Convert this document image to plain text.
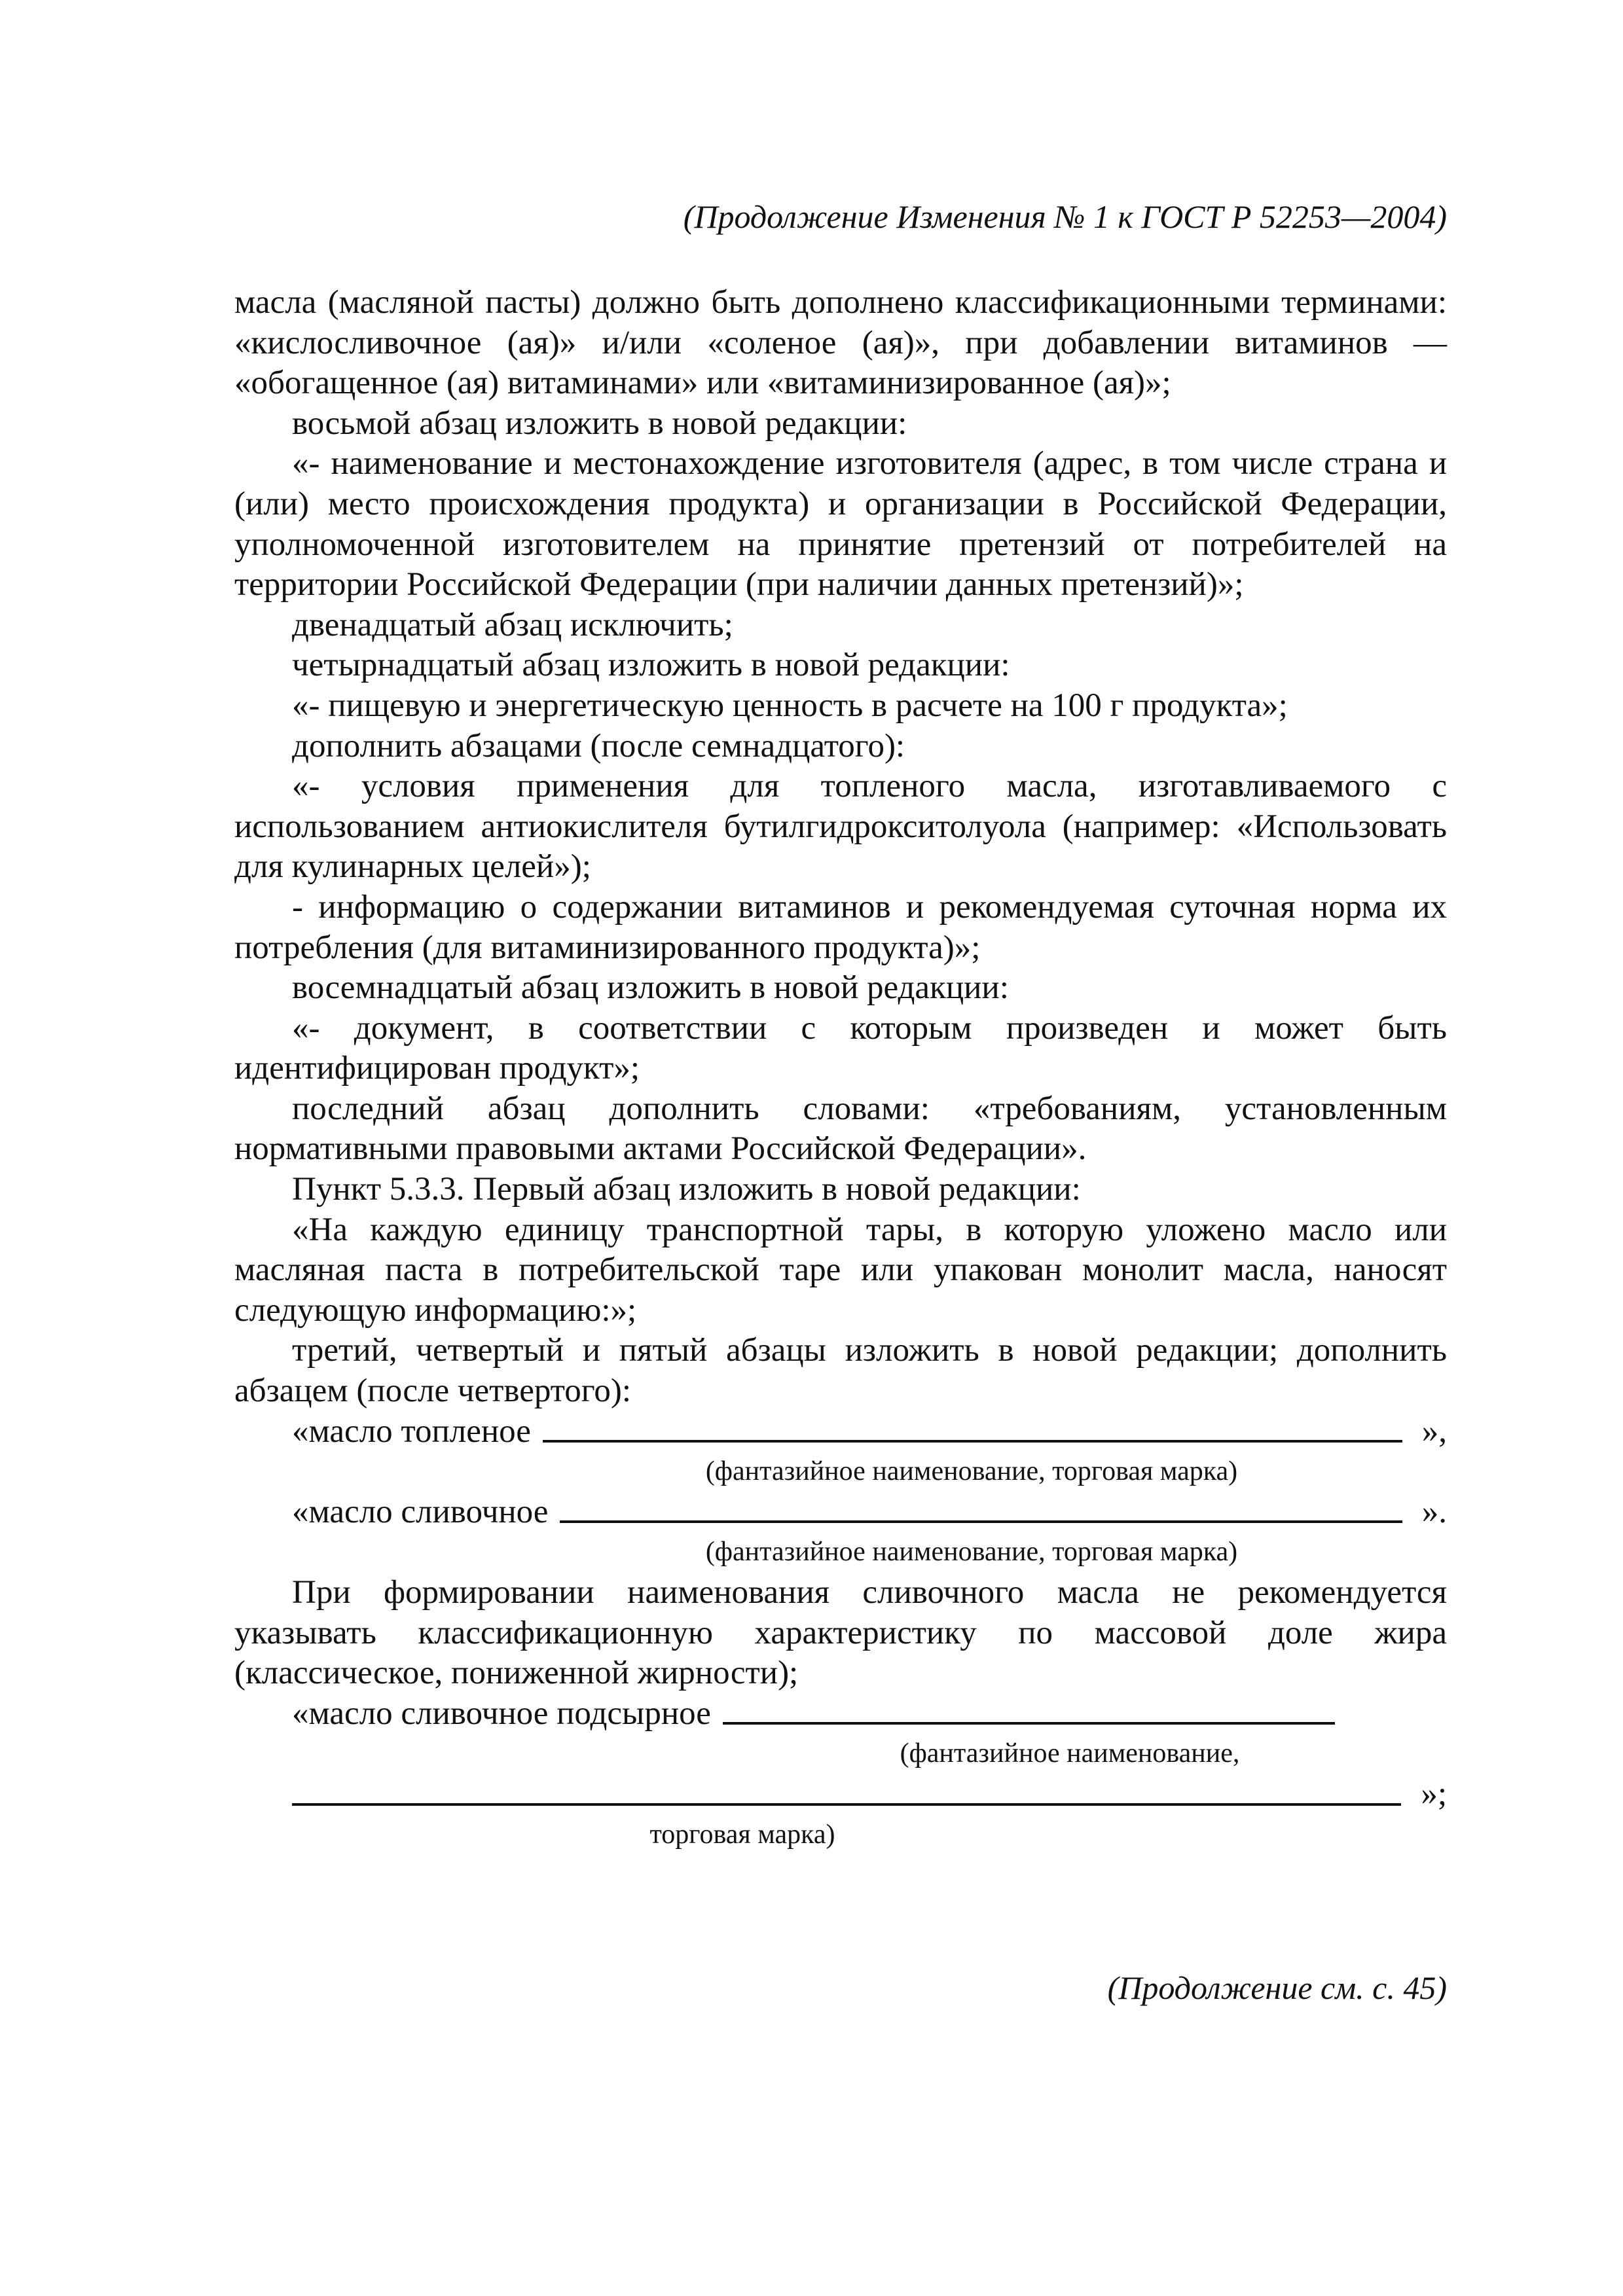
(Продолжение Изменения № 1 к ГОСТ Р 52253—2004)

масла (масляной пасты) должно быть дополнено классификационными терминами: «кислосливочное (ая)» и/или «соленое (ая)», при добавлении витаминов — «обогащенное (ая) витаминами» или «витаминизированное (ая)»;

восьмой абзац изложить в новой редакции:

«- наименование и местонахождение изготовителя (адрес, в том числе страна и (или) место происхождения продукта) и организации в Российской Федерации, уполномоченной изготовителем на принятие претензий от потребителей на территории Российской Федерации (при наличии данных претензий)»;

двенадцатый абзац исключить;

четырнадцатый абзац изложить в новой редакции:

«- пищевую и энергетическую ценность в расчете на 100 г продукта»;

дополнить абзацами (после семнадцатого):

«- условия применения для топленого масла, изготавливаемого с использованием антиокислителя бутилгидрокситолуола (например: «Использовать для кулинарных целей»);

- информацию о содержании витаминов и рекомендуемая суточная норма их потребления (для витаминизированного продукта)»;

восемнадцатый абзац изложить в новой редакции:

«- документ, в соответствии с которым произведен и может быть идентифицирован продукт»;

последний абзац дополнить словами: «требованиям, установленным нормативными правовыми актами Российской Федерации».

Пункт 5.3.3. Первый абзац изложить в новой редакции:

«На каждую единицу транспортной тары, в которую уложено масло или масляная паста в потребительской таре или упакован монолит масла, наносят следующую информацию:»;

третий, четвертый и пятый абзацы изложить в новой редакции; дополнить абзацем (после четвертого):

«масло топленое	»,
(фантазийное наименование, торговая марка)
«масло сливочное	».
(фантазийное наименование, торговая марка)

При формировании наименования сливочного масла не рекомендуется указывать классификационную характеристику по массовой доле жира (классическое, пониженной жирности);

«масло сливочное подсырное
(фантазийное наименование,
»;
торговая марка)
(Продолжение см. с. 45)
